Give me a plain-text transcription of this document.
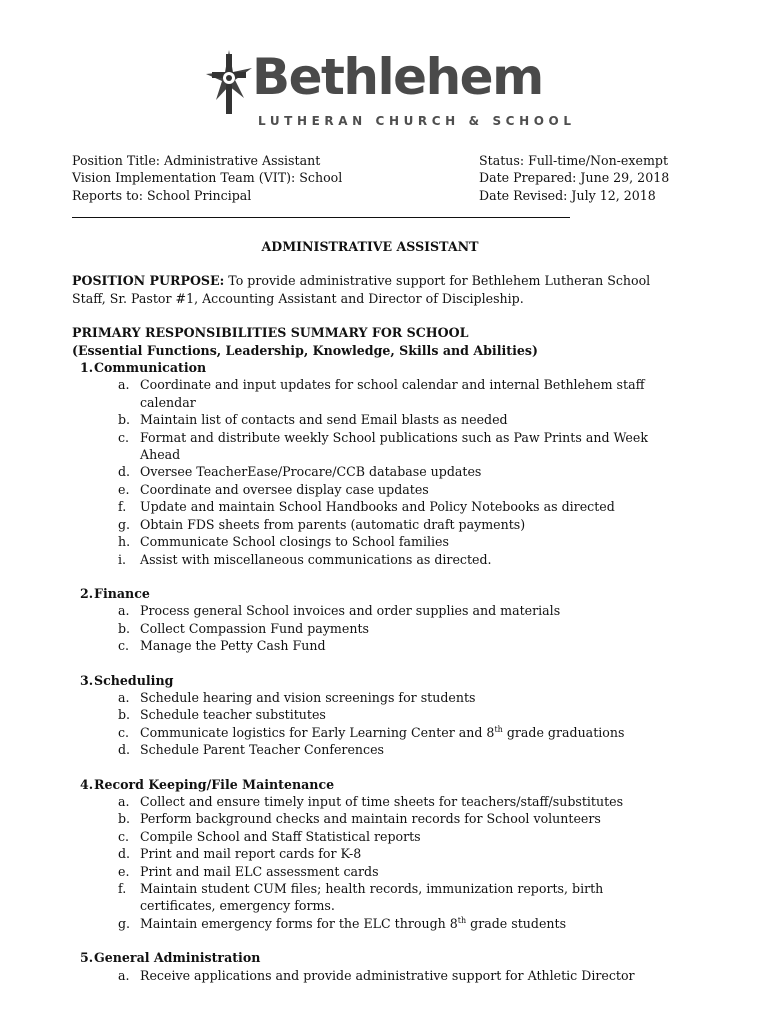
Bethlehem
LUTHERAN CHURCH & SCHOOL
Position Title: Administrative Assistant
Vision Implementation Team (VIT): School
Reports to: School Principal
Status: Full-time/Non-exempt
Date Prepared: June 29, 2018
Date Revised: July 12, 2018
ADMINISTRATIVE ASSISTANT
POSITION PURPOSE: To provide administrative support for Bethlehem Lutheran School Staff, Sr. Pastor #1, Accounting Assistant and Director of Discipleship.
PRIMARY RESPONSIBILITIES SUMMARY FOR SCHOOL
(Essential Functions, Leadership, Knowledge, Skills and Abilities)
1. Communication
a. Coordinate and input updates for school calendar and internal Bethlehem staff calendar
b. Maintain list of contacts and send Email blasts as needed
c. Format and distribute weekly School publications such as Paw Prints and Week Ahead
d. Oversee TeacherEase/Procare/CCB database updates
e. Coordinate and oversee display case updates
f. Update and maintain School Handbooks and Policy Notebooks as directed
g. Obtain FDS sheets from parents (automatic draft payments)
h. Communicate School closings to School families
i. Assist with miscellaneous communications as directed.
2. Finance
a. Process general School invoices and order supplies and materials
b. Collect Compassion Fund payments
c. Manage the Petty Cash Fund
3. Scheduling
a. Schedule hearing and vision screenings for students
b. Schedule teacher substitutes
c. Communicate logistics for Early Learning Center and 8th grade graduations
d. Schedule Parent Teacher Conferences
4. Record Keeping/File Maintenance
a. Collect and ensure timely input of time sheets for teachers/staff/substitutes
b. Perform background checks and maintain records for School volunteers
c. Compile School and Staff Statistical reports
d. Print and mail report cards for K-8
e. Print and mail ELC assessment cards
f. Maintain student CUM files; health records, immunization reports, birth certificates, emergency forms.
g. Maintain emergency forms for the ELC through 8th grade students
5. General Administration
a. Receive applications and provide administrative support for Athletic Director
